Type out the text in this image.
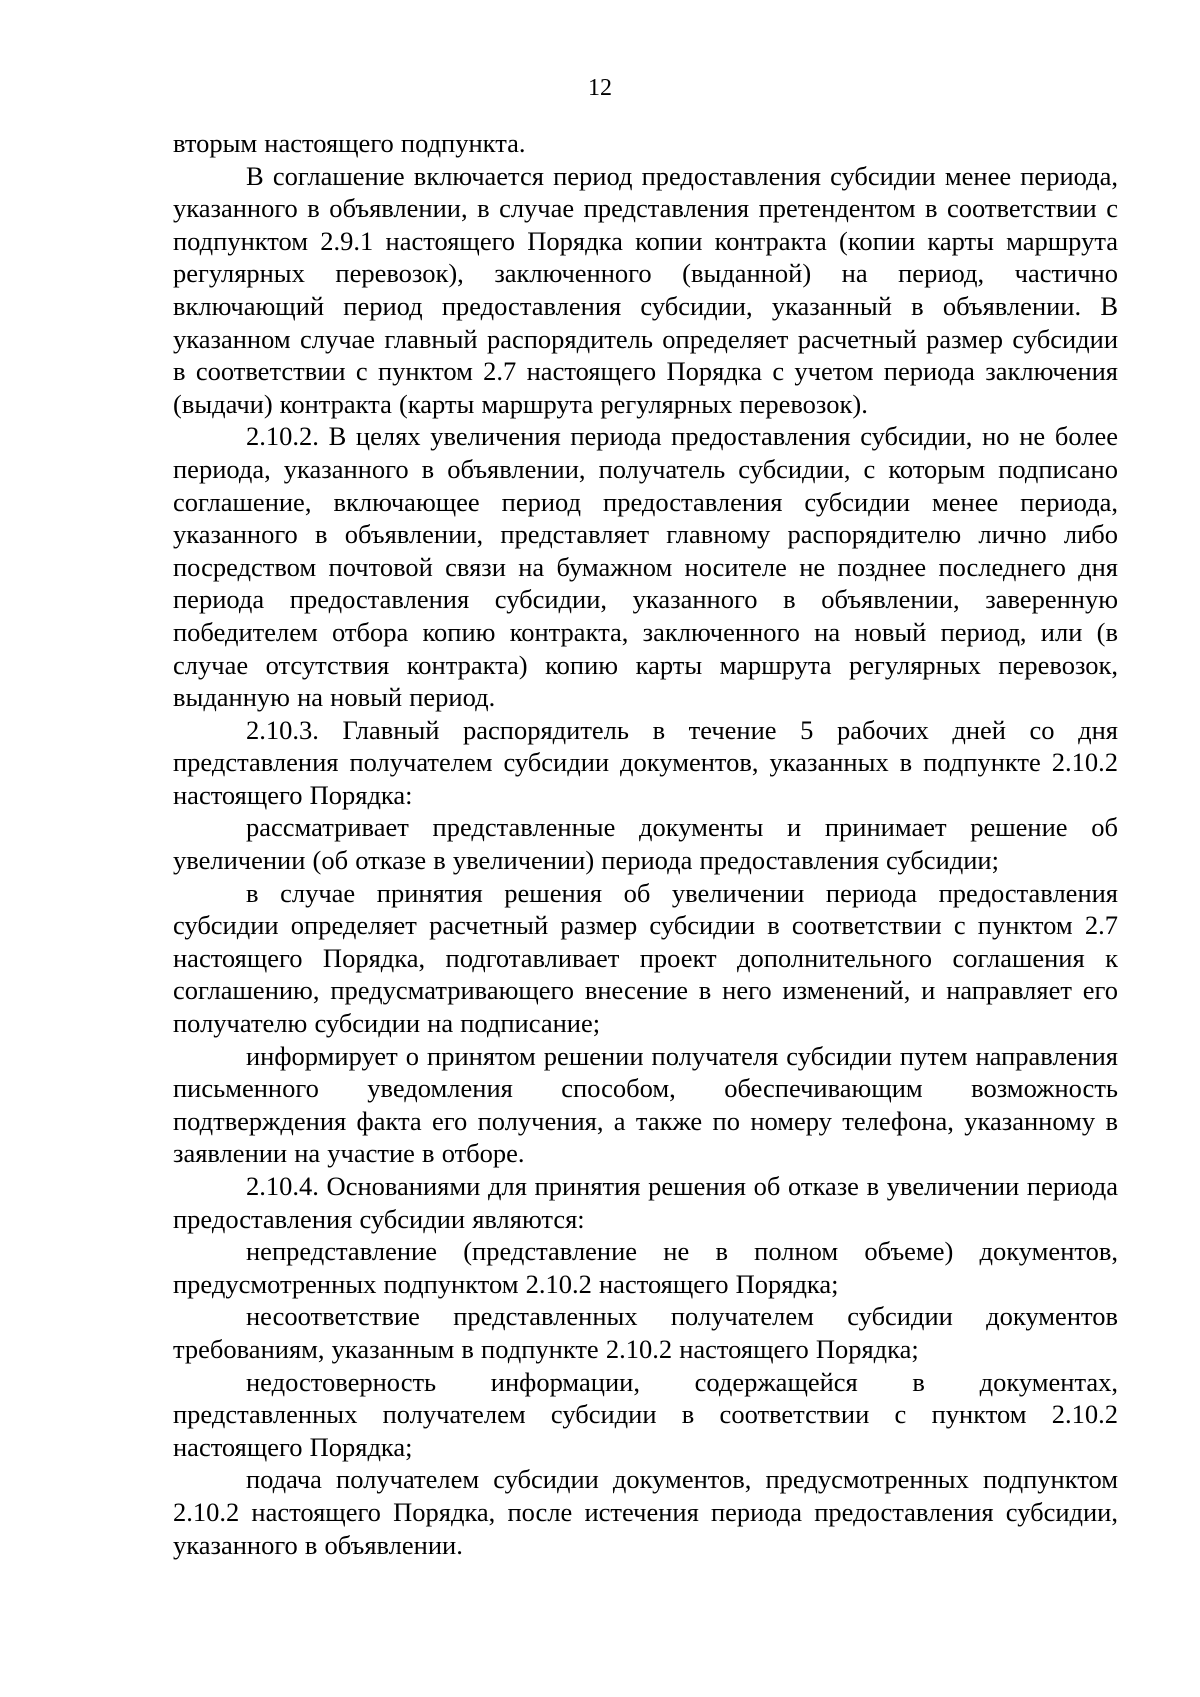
12

вторым настоящего подпункта.

В соглашение включается период предоставления субсидии менее периода, указанного в объявлении, в случае представления претендентом в соответствии с подпунктом 2.9.1 настоящего Порядка копии контракта (копии карты маршрута регулярных перевозок), заключенного (выданной) на период, частично включающий период предоставления субсидии, указанный в объявлении. В указанном случае главный распорядитель определяет расчетный размер субсидии в соответствии с пунктом 2.7 настоящего Порядка с учетом периода заключения (выдачи) контракта (карты маршрута регулярных перевозок).

2.10.2. В целях увеличения периода предоставления субсидии, но не более периода, указанного в объявлении, получатель субсидии, с которым подписано соглашение, включающее период предоставления субсидии менее периода, указанного в объявлении, представляет главному распорядителю лично либо посредством почтовой связи на бумажном носителе не позднее последнего дня периода предоставления субсидии, указанного в объявлении, заверенную победителем отбора копию контракта, заключенного на новый период, или (в случае отсутствия контракта) копию карты маршрута регулярных перевозок, выданную на новый период.

2.10.3. Главный распорядитель в течение 5 рабочих дней со дня представления получателем субсидии документов, указанных в подпункте 2.10.2 настоящего Порядка:

рассматривает представленные документы и принимает решение об увеличении (об отказе в увеличении) периода предоставления субсидии;

в случае принятия решения об увеличении периода предоставления субсидии определяет расчетный размер субсидии в соответствии с пунктом 2.7 настоящего Порядка, подготавливает проект дополнительного соглашения к соглашению, предусматривающего внесение в него изменений, и направляет его получателю субсидии на подписание;

информирует о принятом решении получателя субсидии путем направления письменного уведомления способом, обеспечивающим возможность подтверждения факта его получения, а также по номеру телефона, указанному в заявлении на участие в отборе.

2.10.4. Основаниями для принятия решения об отказе в увеличении периода предоставления субсидии являются:

непредставление (представление не в полном объеме) документов, предусмотренных подпунктом 2.10.2 настоящего Порядка;

несоответствие представленных получателем субсидии документов требованиям, указанным в подпункте 2.10.2 настоящего Порядка;

недостоверность информации, содержащейся в документах, представленных получателем субсидии в соответствии с пунктом 2.10.2 настоящего Порядка;

подача получателем субсидии документов, предусмотренных подпунктом 2.10.2 настоящего Порядка, после истечения периода предоставления субсидии, указанного в объявлении.
